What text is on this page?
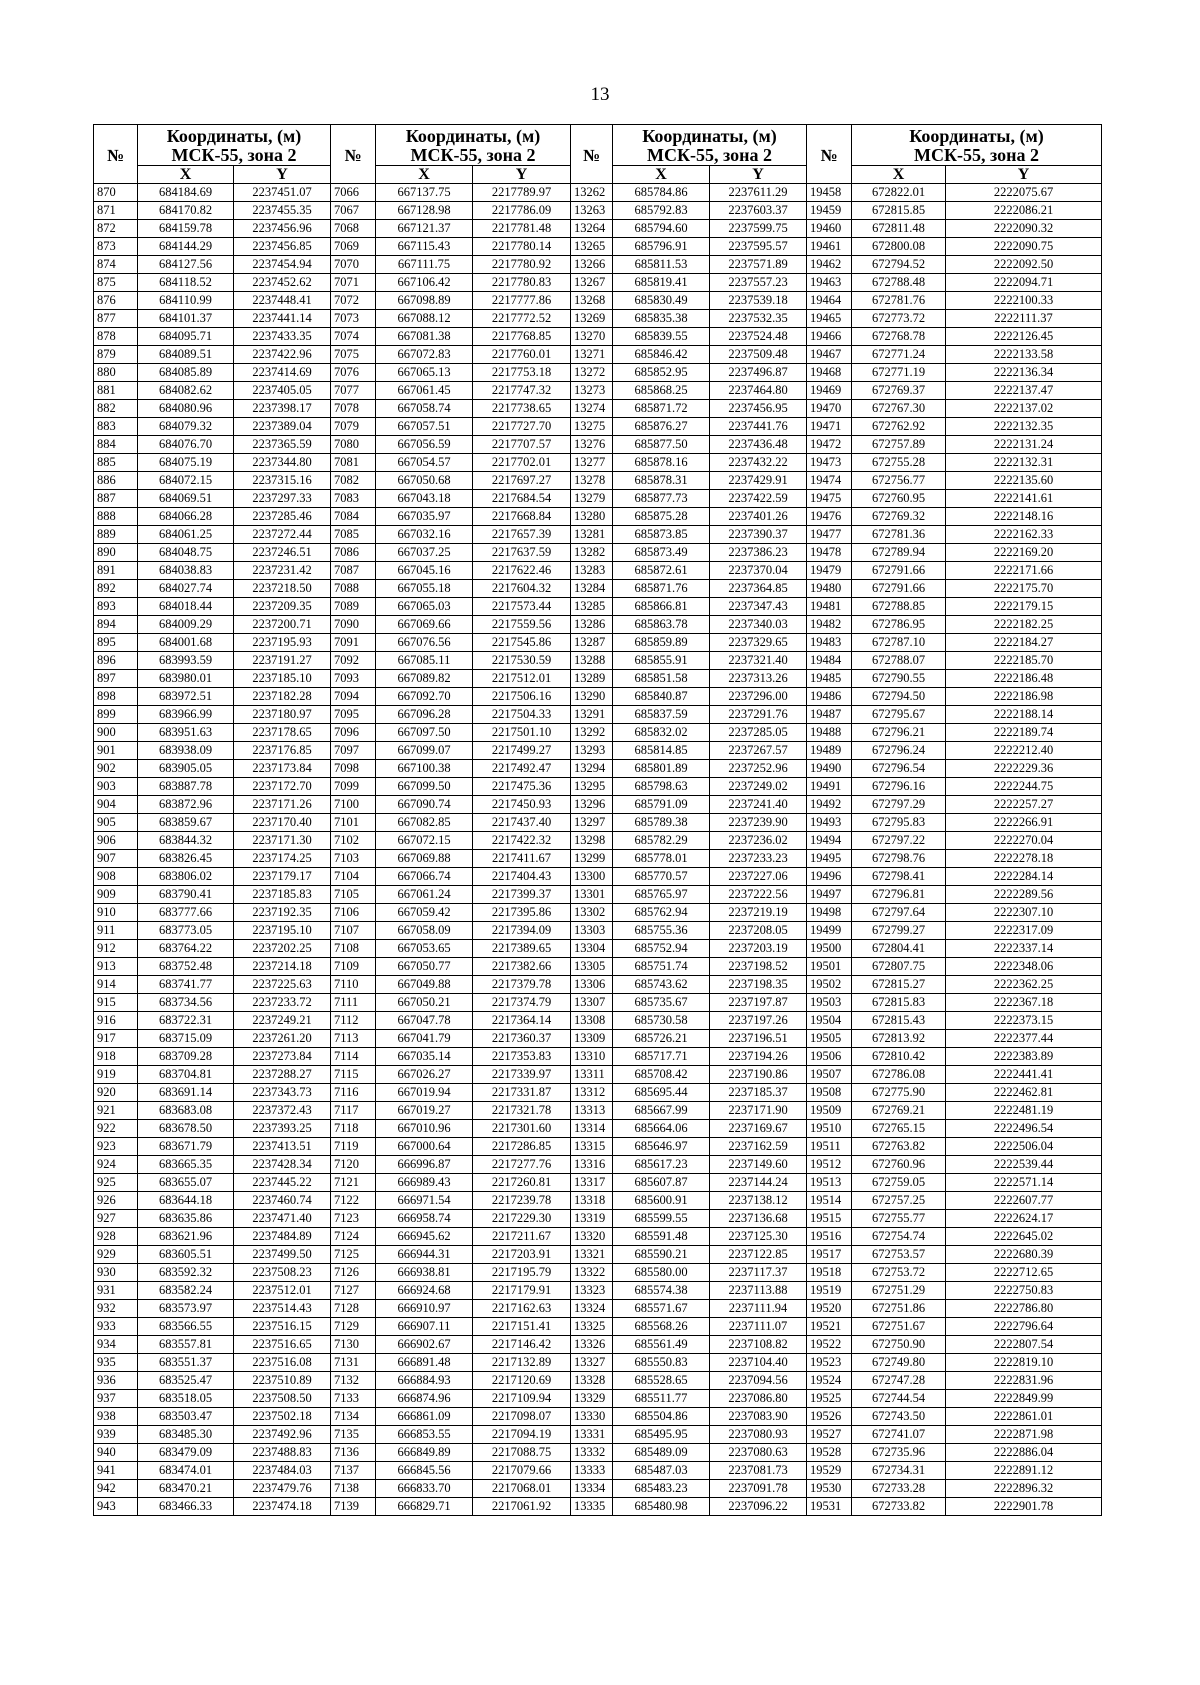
13
№	Координаты, (м)		№	Координаты, (м)		№	Координаты, (м)		№	Координаты, (м)	

	МСК-55, зона 2			МСК-55, зона 2			МСК-55, зона 2			МСК-55, зона 2	
	X	Y		X	Y		X	Y		X	Y
870	684184.69	2237451.07	7066	667137.75	2217789.97	13262	685784.86	2237611.29	19458	672822.01	2222075.67
871	684170.82	2237455.35	7067	667128.98	2217786.09	13263	685792.83	2237603.37	19459	672815.85	2222086.21
872	684159.78	2237456.96	7068	667121.37	2217781.48	13264	685794.60	2237599.75	19460	672811.48	2222090.32
873	684144.29	2237456.85	7069	667115.43	2217780.14	13265	685796.91	2237595.57	19461	672800.08	2222090.75
874	684127.56	2237454.94	7070	667111.75	2217780.92	13266	685811.53	2237571.89	19462	672794.52	2222092.50
875	684118.52	2237452.62	7071	667106.42	2217780.83	13267	685819.41	2237557.23	19463	672788.48	2222094.71
876	684110.99	2237448.41	7072	667098.89	2217777.86	13268	685830.49	2237539.18	19464	672781.76	2222100.33
877	684101.37	2237441.14	7073	667088.12	2217772.52	13269	685835.38	2237532.35	19465	672773.72	2222111.37
878	684095.71	2237433.35	7074	667081.38	2217768.85	13270	685839.55	2237524.48	19466	672768.78	2222126.45
879	684089.51	2237422.96	7075	667072.83	2217760.01	13271	685846.42	2237509.48	19467	672771.24	2222133.58
880	684085.89	2237414.69	7076	667065.13	2217753.18	13272	685852.95	2237496.87	19468	672771.19	2222136.34
881	684082.62	2237405.05	7077	667061.45	2217747.32	13273	685868.25	2237464.80	19469	672769.37	2222137.47
882	684080.96	2237398.17	7078	667058.74	2217738.65	13274	685871.72	2237456.95	19470	672767.30	2222137.02
883	684079.32	2237389.04	7079	667057.51	2217727.70	13275	685876.27	2237441.76	19471	672762.92	2222132.35
884	684076.70	2237365.59	7080	667056.59	2217707.57	13276	685877.50	2237436.48	19472	672757.89	2222131.24
885	684075.19	2237344.80	7081	667054.57	2217702.01	13277	685878.16	2237432.22	19473	672755.28	2222132.31
886	684072.15	2237315.16	7082	667050.68	2217697.27	13278	685878.31	2237429.91	19474	672756.77	2222135.60
887	684069.51	2237297.33	7083	667043.18	2217684.54	13279	685877.73	2237422.59	19475	672760.95	2222141.61
888	684066.28	2237285.46	7084	667035.97	2217668.84	13280	685875.28	2237401.26	19476	672769.32	2222148.16
889	684061.25	2237272.44	7085	667032.16	2217657.39	13281	685873.85	2237390.37	19477	672781.36	2222162.33
890	684048.75	2237246.51	7086	667037.25	2217637.59	13282	685873.49	2237386.23	19478	672789.94	2222169.20
891	684038.83	2237231.42	7087	667045.16	2217622.46	13283	685872.61	2237370.04	19479	672791.66	2222171.66
892	684027.74	2237218.50	7088	667055.18	2217604.32	13284	685871.76	2237364.85	19480	672791.66	2222175.70
893	684018.44	2237209.35	7089	667065.03	2217573.44	13285	685866.81	2237347.43	19481	672788.85	2222179.15
894	684009.29	2237200.71	7090	667069.66	2217559.56	13286	685863.78	2237340.03	19482	672786.95	2222182.25
895	684001.68	2237195.93	7091	667076.56	2217545.86	13287	685859.89	2237329.65	19483	672787.10	2222184.27
896	683993.59	2237191.27	7092	667085.11	2217530.59	13288	685855.91	2237321.40	19484	672788.07	2222185.70
897	683980.01	2237185.10	7093	667089.82	2217512.01	13289	685851.58	2237313.26	19485	672790.55	2222186.48
898	683972.51	2237182.28	7094	667092.70	2217506.16	13290	685840.87	2237296.00	19486	672794.50	2222186.98
899	683966.99	2237180.97	7095	667096.28	2217504.33	13291	685837.59	2237291.76	19487	672795.67	2222188.14
900	683951.63	2237178.65	7096	667097.50	2217501.10	13292	685832.02	2237285.05	19488	672796.21	2222189.74
901	683938.09	2237176.85	7097	667099.07	2217499.27	13293	685814.85	2237267.57	19489	672796.24	2222212.40
902	683905.05	2237173.84	7098	667100.38	2217492.47	13294	685801.89	2237252.96	19490	672796.54	2222229.36
903	683887.78	2237172.70	7099	667099.50	2217475.36	13295	685798.63	2237249.02	19491	672796.16	2222244.75
904	683872.96	2237171.26	7100	667090.74	2217450.93	13296	685791.09	2237241.40	19492	672797.29	2222257.27
905	683859.67	2237170.40	7101	667082.85	2217437.40	13297	685789.38	2237239.90	19493	672795.83	2222266.91
906	683844.32	2237171.30	7102	667072.15	2217422.32	13298	685782.29	2237236.02	19494	672797.22	2222270.04
907	683826.45	2237174.25	7103	667069.88	2217411.67	13299	685778.01	2237233.23	19495	672798.76	2222278.18
908	683806.02	2237179.17	7104	667066.74	2217404.43	13300	685770.57	2237227.06	19496	672798.41	2222284.14
909	683790.41	2237185.83	7105	667061.24	2217399.37	13301	685765.97	2237222.56	19497	672796.81	2222289.56
910	683777.66	2237192.35	7106	667059.42	2217395.86	13302	685762.94	2237219.19	19498	672797.64	2222307.10
911	683773.05	2237195.10	7107	667058.09	2217394.09	13303	685755.36	2237208.05	19499	672799.27	2222317.09
912	683764.22	2237202.25	7108	667053.65	2217389.65	13304	685752.94	2237203.19	19500	672804.41	2222337.14
913	683752.48	2237214.18	7109	667050.77	2217382.66	13305	685751.74	2237198.52	19501	672807.75	2222348.06
914	683741.77	2237225.63	7110	667049.88	2217379.78	13306	685743.62	2237198.35	19502	672815.27	2222362.25
915	683734.56	2237233.72	7111	667050.21	2217374.79	13307	685735.67	2237197.87	19503	672815.83	2222367.18
916	683722.31	2237249.21	7112	667047.78	2217364.14	13308	685730.58	2237197.26	19504	672815.43	2222373.15
917	683715.09	2237261.20	7113	667041.79	2217360.37	13309	685726.21	2237196.51	19505	672813.92	2222377.44
918	683709.28	2237273.84	7114	667035.14	2217353.83	13310	685717.71	2237194.26	19506	672810.42	2222383.89
919	683704.81	2237288.27	7115	667026.27	2217339.97	13311	685708.42	2237190.86	19507	672786.08	2222441.41
920	683691.14	2237343.73	7116	667019.94	2217331.87	13312	685695.44	2237185.37	19508	672775.90	2222462.81
921	683683.08	2237372.43	7117	667019.27	2217321.78	13313	685667.99	2237171.90	19509	672769.21	2222481.19
922	683678.50	2237393.25	7118	667010.96	2217301.60	13314	685664.06	2237169.67	19510	672765.15	2222496.54
923	683671.79	2237413.51	7119	667000.64	2217286.85	13315	685646.97	2237162.59	19511	672763.82	2222506.04
924	683665.35	2237428.34	7120	666996.87	2217277.76	13316	685617.23	2237149.60	19512	672760.96	2222539.44
925	683655.07	2237445.22	7121	666989.43	2217260.81	13317	685607.87	2237144.24	19513	672759.05	2222571.14
926	683644.18	2237460.74	7122	666971.54	2217239.78	13318	685600.91	2237138.12	19514	672757.25	2222607.77
927	683635.86	2237471.40	7123	666958.74	2217229.30	13319	685599.55	2237136.68	19515	672755.77	2222624.17
928	683621.96	2237484.89	7124	666945.62	2217211.67	13320	685591.48	2237125.30	19516	672754.74	2222645.02
929	683605.51	2237499.50	7125	666944.31	2217203.91	13321	685590.21	2237122.85	19517	672753.57	2222680.39
930	683592.32	2237508.23	7126	666938.81	2217195.79	13322	685580.00	2237117.37	19518	672753.72	2222712.65
931	683582.24	2237512.01	7127	666924.68	2217179.91	13323	685574.38	2237113.88	19519	672751.29	2222750.83
932	683573.97	2237514.43	7128	666910.97	2217162.63	13324	685571.67	2237111.94	19520	672751.86	2222786.80
933	683566.55	2237516.15	7129	666907.11	2217151.41	13325	685568.26	2237111.07	19521	672751.67	2222796.64
934	683557.81	2237516.65	7130	666902.67	2217146.42	13326	685561.49	2237108.82	19522	672750.90	2222807.54
935	683551.37	2237516.08	7131	666891.48	2217132.89	13327	685550.83	2237104.40	19523	672749.80	2222819.10
936	683525.47	2237510.89	7132	666884.93	2217120.69	13328	685528.65	2237094.56	19524	672747.28	2222831.96
937	683518.05	2237508.50	7133	666874.96	2217109.94	13329	685511.77	2237086.80	19525	672744.54	2222849.99
938	683503.47	2237502.18	7134	666861.09	2217098.07	13330	685504.86	2237083.90	19526	672743.50	2222861.01
939	683485.30	2237492.96	7135	666853.55	2217094.19	13331	685495.95	2237080.93	19527	672741.07	2222871.98
940	683479.09	2237488.83	7136	666849.89	2217088.75	13332	685489.09	2237080.63	19528	672735.96	2222886.04
941	683474.01	2237484.03	7137	666845.56	2217079.66	13333	685487.03	2237081.73	19529	672734.31	2222891.12
942	683470.21	2237479.76	7138	666833.70	2217068.01	13334	685483.23	2237091.78	19530	672733.28	2222896.32
943	683466.33	2237474.18	7139	666829.71	2217061.92	13335	685480.98	2237096.22	19531	672733.82	2222901.78
